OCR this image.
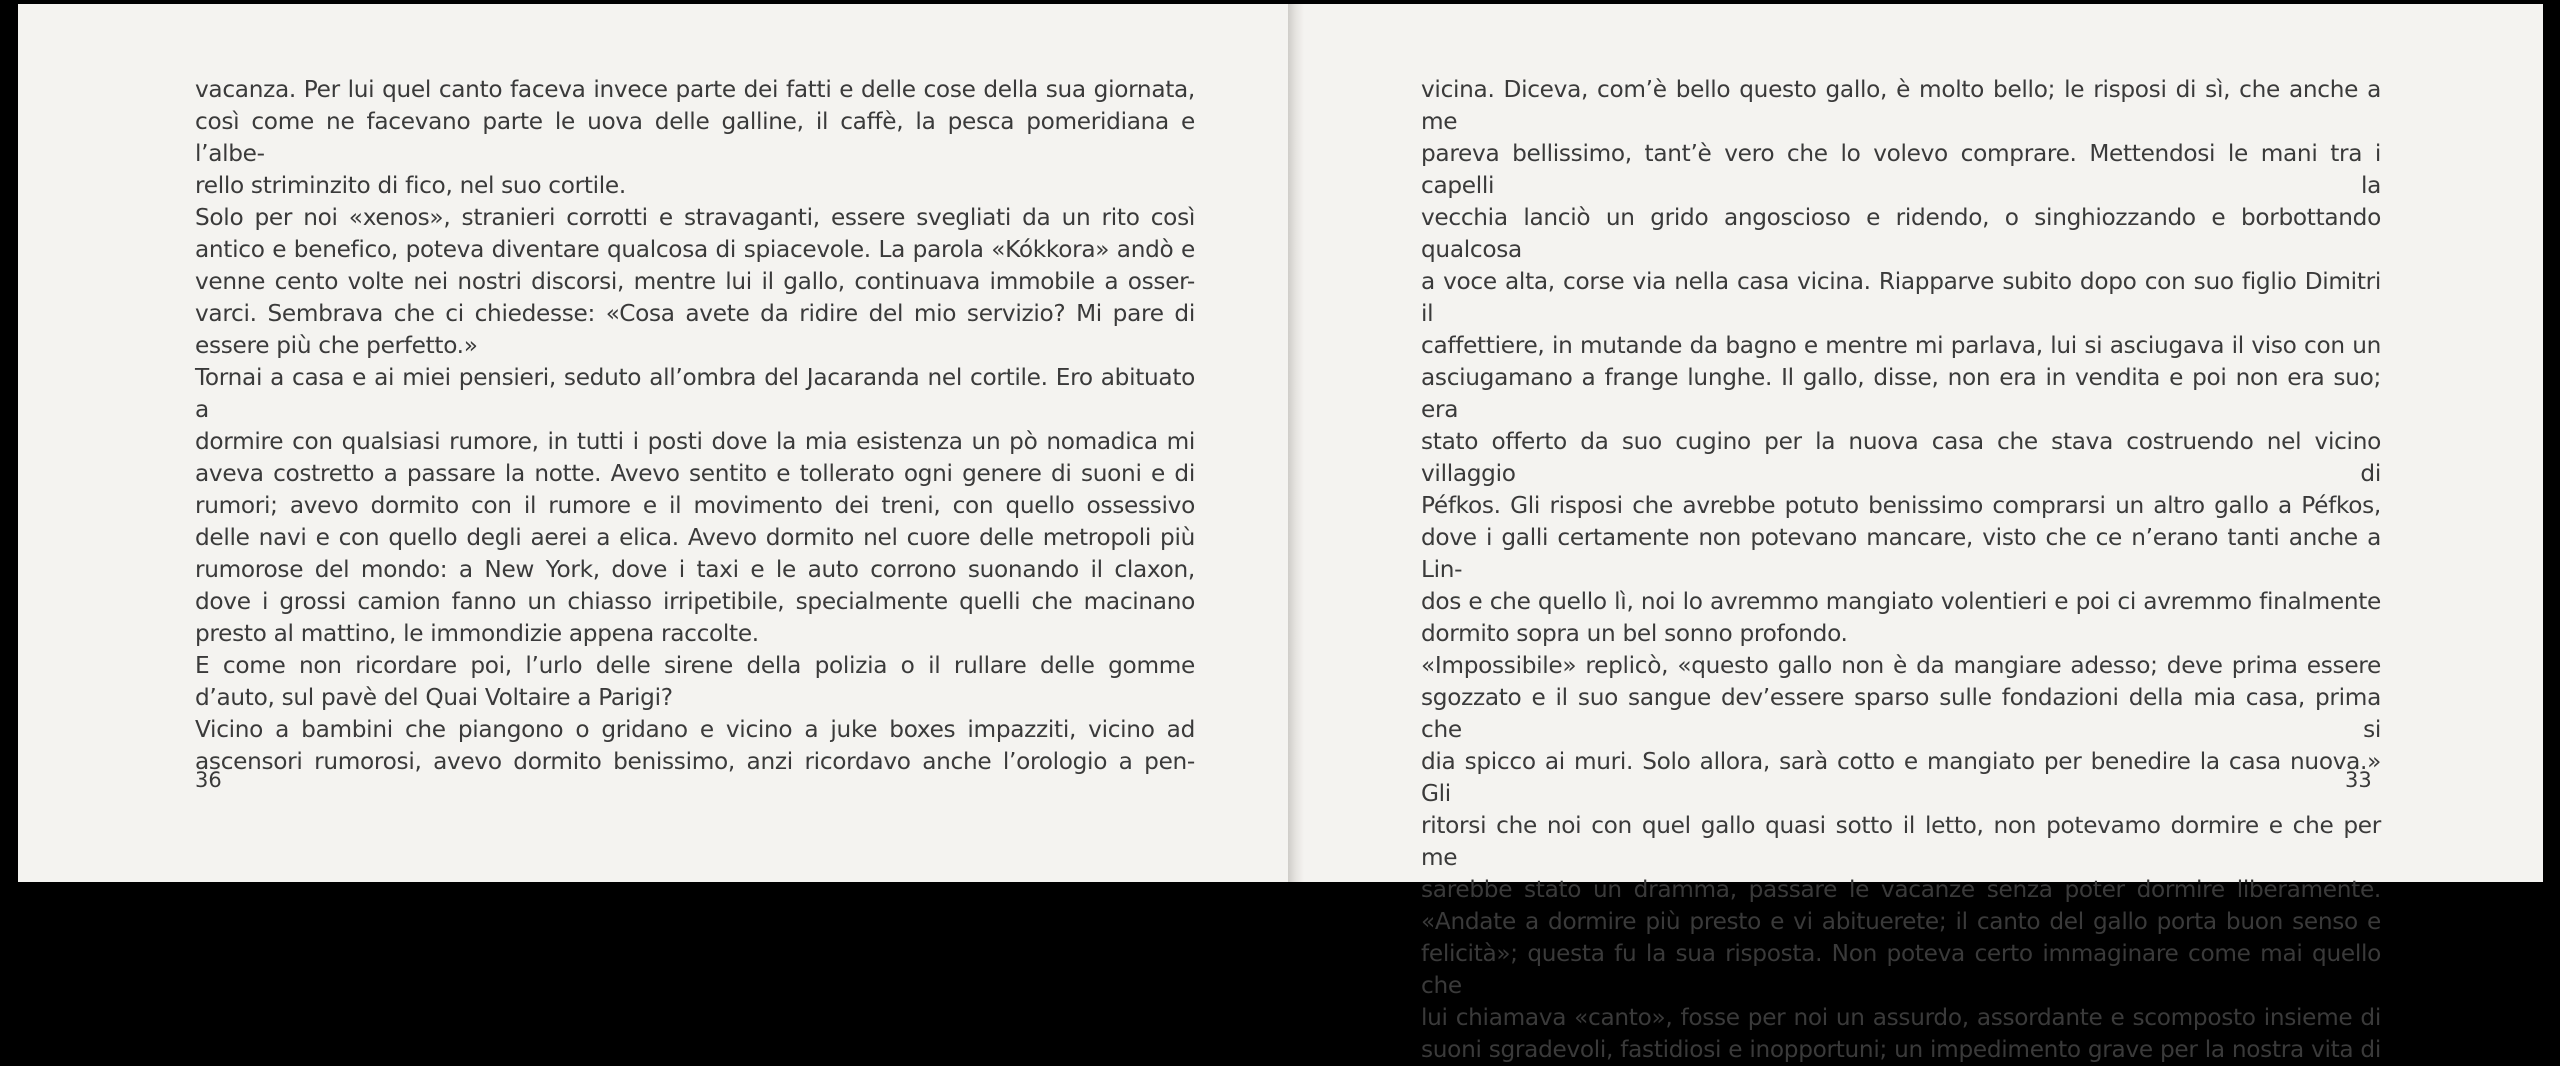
vacanza. Per lui quel canto faceva invece parte dei fatti e delle cose della sua giornata,

così come ne facevano parte le uova delle galline, il caffè, la pesca pomeridiana e l’albe-

rello striminzito di fico, nel suo cortile.

Solo per noi «xenos», stranieri corrotti e stravaganti, essere svegliati da un rito così

antico e benefico, poteva diventare qualcosa di spiacevole. La parola «Kókkora» andò e

venne cento volte nei nostri discorsi, mentre lui il gallo, continuava immobile a osser-

varci. Sembrava che ci chiedesse: «Cosa avete da ridire del mio servizio? Mi pare di

essere più che perfetto.»

Tornai a casa e ai miei pensieri, seduto all’ombra del Jacaranda nel cortile. Ero abituato a

dormire con qualsiasi rumore, in tutti i posti dove la mia esistenza un pò nomadica mi

aveva costretto a passare la notte. Avevo sentito e tollerato ogni genere di suoni e di

rumori; avevo dormito con il rumore e il movimento dei treni, con quello ossessivo

delle navi e con quello degli aerei a elica. Avevo dormito nel cuore delle metropoli più

rumorose del mondo: a New York, dove i taxi e le auto corrono suonando il claxon,

dove i grossi camion fanno un chiasso irripetibile, specialmente quelli che macinano

presto al mattino, le immondizie appena raccolte.

E come non ricordare poi, l’urlo delle sirene della polizia o il rullare delle gomme

d’auto, sul pavè del Quai Voltaire a Parigi?

Vicino a bambini che piangono o gridano e vicino a juke boxes impazziti, vicino ad

ascensori rumorosi, avevo dormito benissimo, anzi ricordavo anche l’orologio a pen-

36

vicina. Diceva, com’è bello questo gallo, è molto bello; le risposi di sì, che anche a me

pareva bellissimo, tant’è vero che lo volevo comprare. Mettendosi le mani tra i capelli la

vecchia lanciò un grido angoscioso e ridendo, o singhiozzando e borbottando qualcosa

a voce alta, corse via nella casa vicina. Riapparve subito dopo con suo figlio Dimitri il

caffettiere, in mutande da bagno e mentre mi parlava, lui si asciugava il viso con un

asciugamano a frange lunghe. Il gallo, disse, non era in vendita e poi non era suo; era

stato offerto da suo cugino per la nuova casa che stava costruendo nel vicino villaggio di

Péfkos. Gli risposi che avrebbe potuto benissimo comprarsi un altro gallo a Péfkos,

dove i galli certamente non potevano mancare, visto che ce n’erano tanti anche a Lin-

dos e che quello lì, noi lo avremmo mangiato volentieri e poi ci avremmo finalmente

dormito sopra un bel sonno profondo.

«Impossibile» replicò, «questo gallo non è da mangiare adesso; deve prima essere

sgozzato e il suo sangue dev’essere sparso sulle fondazioni della mia casa, prima che si

dia spicco ai muri. Solo allora, sarà cotto e mangiato per benedire la casa nuova.» Gli

ritorsi che noi con quel gallo quasi sotto il letto, non potevamo dormire e che per me

sarebbe stato un dramma, passare le vacanze senza poter dormire liberamente.

«Andate a dormire più presto e vi abituerete; il canto del gallo porta buon senso e

felicità»; questa fu la sua risposta. Non poteva certo immaginare come mai quello che

lui chiamava «canto», fosse per noi un assurdo, assordante e scomposto insieme di

suoni sgradevoli, fastidiosi e inopportuni; un impedimento grave per la nostra vita di

33
